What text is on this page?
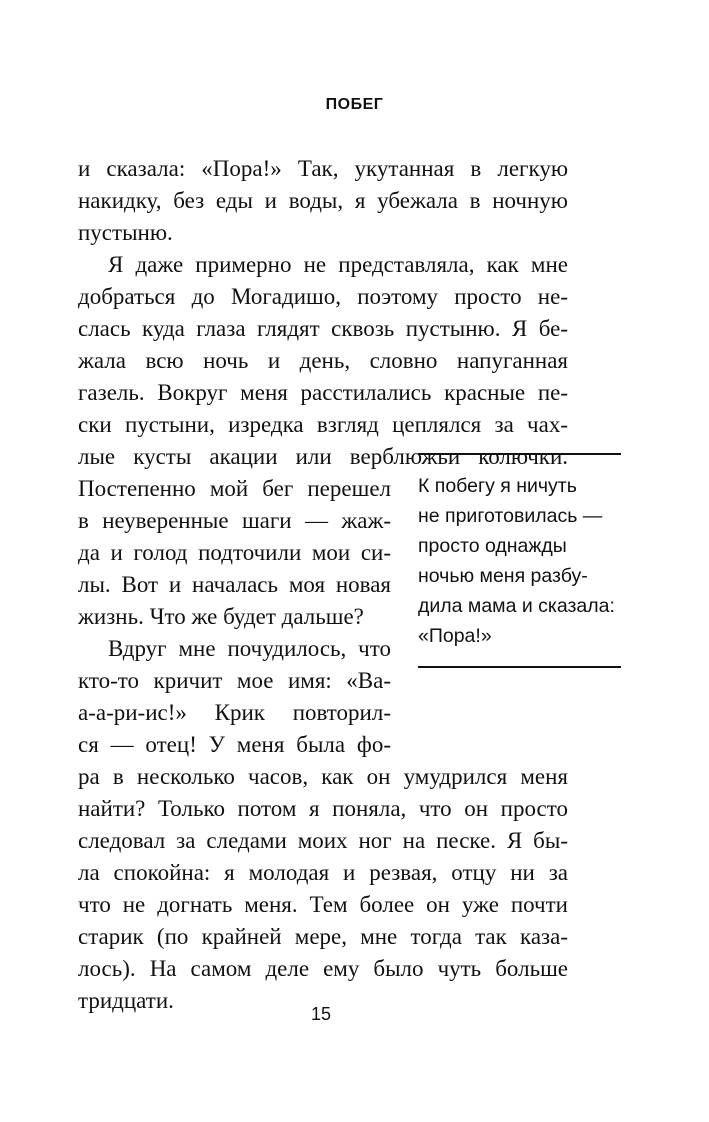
ПОБЕГ
и сказала: «Пора!» Так, укутанная в легкую
накидку, без еды и воды, я убежала в ночную
пустыню.
Я даже примерно не представляла, как мне
добраться до Могадишо, поэтому просто не-
слась куда глаза глядят сквозь пустыню. Я бе-
жала всю ночь и день, словно напуганная
газель. Вокруг меня расстилались красные пе-
ски пустыни, изредка взгляд цеплялся за чах-
лые кусты акации или верблюжьи колючки.
Постепенно мой бег перешел
в неуверенные шаги — жаж-
да и голод подточили мои си-
лы. Вот и началась моя новая
жизнь. Что же будет дальше?
Вдруг мне почудилось, что
кто-то кричит мое имя: «Ва-
а-а-ри-ис!» Крик повторил-
ся — отец! У меня была фо-
ра в несколько часов, как он умудрился меня
найти? Только потом я поняла, что он просто
следовал за следами моих ног на песке. Я бы-
ла спокойна: я молодая и резвая, отцу ни за
что не догнать меня. Тем более он уже почти
старик (по крайней мере, мне тогда так каза-
лось). На самом деле ему было чуть больше
тридцати.
К побегу я ничуть
не приготовилась —
просто однажды
ночью меня разбу-
дила мама и сказала:
«Пора!»
15
